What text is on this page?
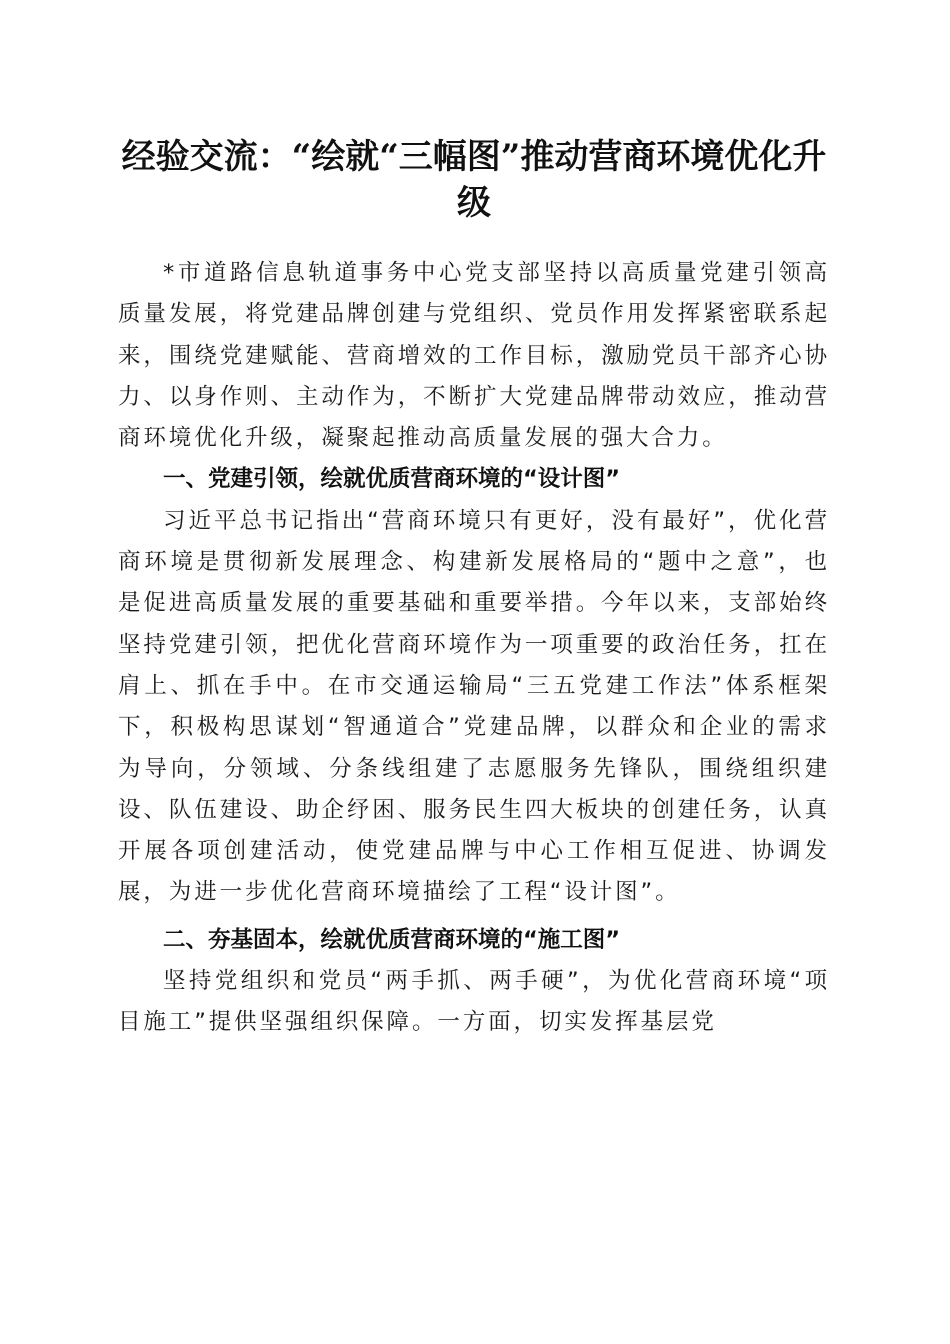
经验交流：“绘就“三幅图”推动营商环境优化升级

*市道路信息轨道事务中心党支部坚持以高质量党建引领高质量发展，将党建品牌创建与党组织、党员作用发挥紧密联系起来，围绕党建赋能、营商增效的工作目标，激励党员干部齐心协力、以身作则、主动作为，不断扩大党建品牌带动效应，推动营商环境优化升级，凝聚起推动高质量发展的强大合力。

一、党建引领，绘就优质营商环境的“设计图”

习近平总书记指出“营商环境只有更好，没有最好”，优化营商环境是贯彻新发展理念、构建新发展格局的“题中之意”，也是促进高质量发展的重要基础和重要举措。今年以来，支部始终坚持党建引领，把优化营商环境作为一项重要的政治任务，扛在肩上、抓在手中。在市交通运输局“三五党建工作法”体系框架下，积极构思谋划“智通道合”党建品牌，以群众和企业的需求为导向，分领域、分条线组建了志愿服务先锋队，围绕组织建设、队伍建设、助企纾困、服务民生四大板块的创建任务，认真开展各项创建活动，使党建品牌与中心工作相互促进、协调发展，为进一步优化营商环境描绘了工程“设计图”。

二、夯基固本，绘就优质营商环境的“施工图”

坚持党组织和党员“两手抓、两手硬”，为优化营商环境“项目施工”提供坚强组织保障。一方面，切实发挥基层党
